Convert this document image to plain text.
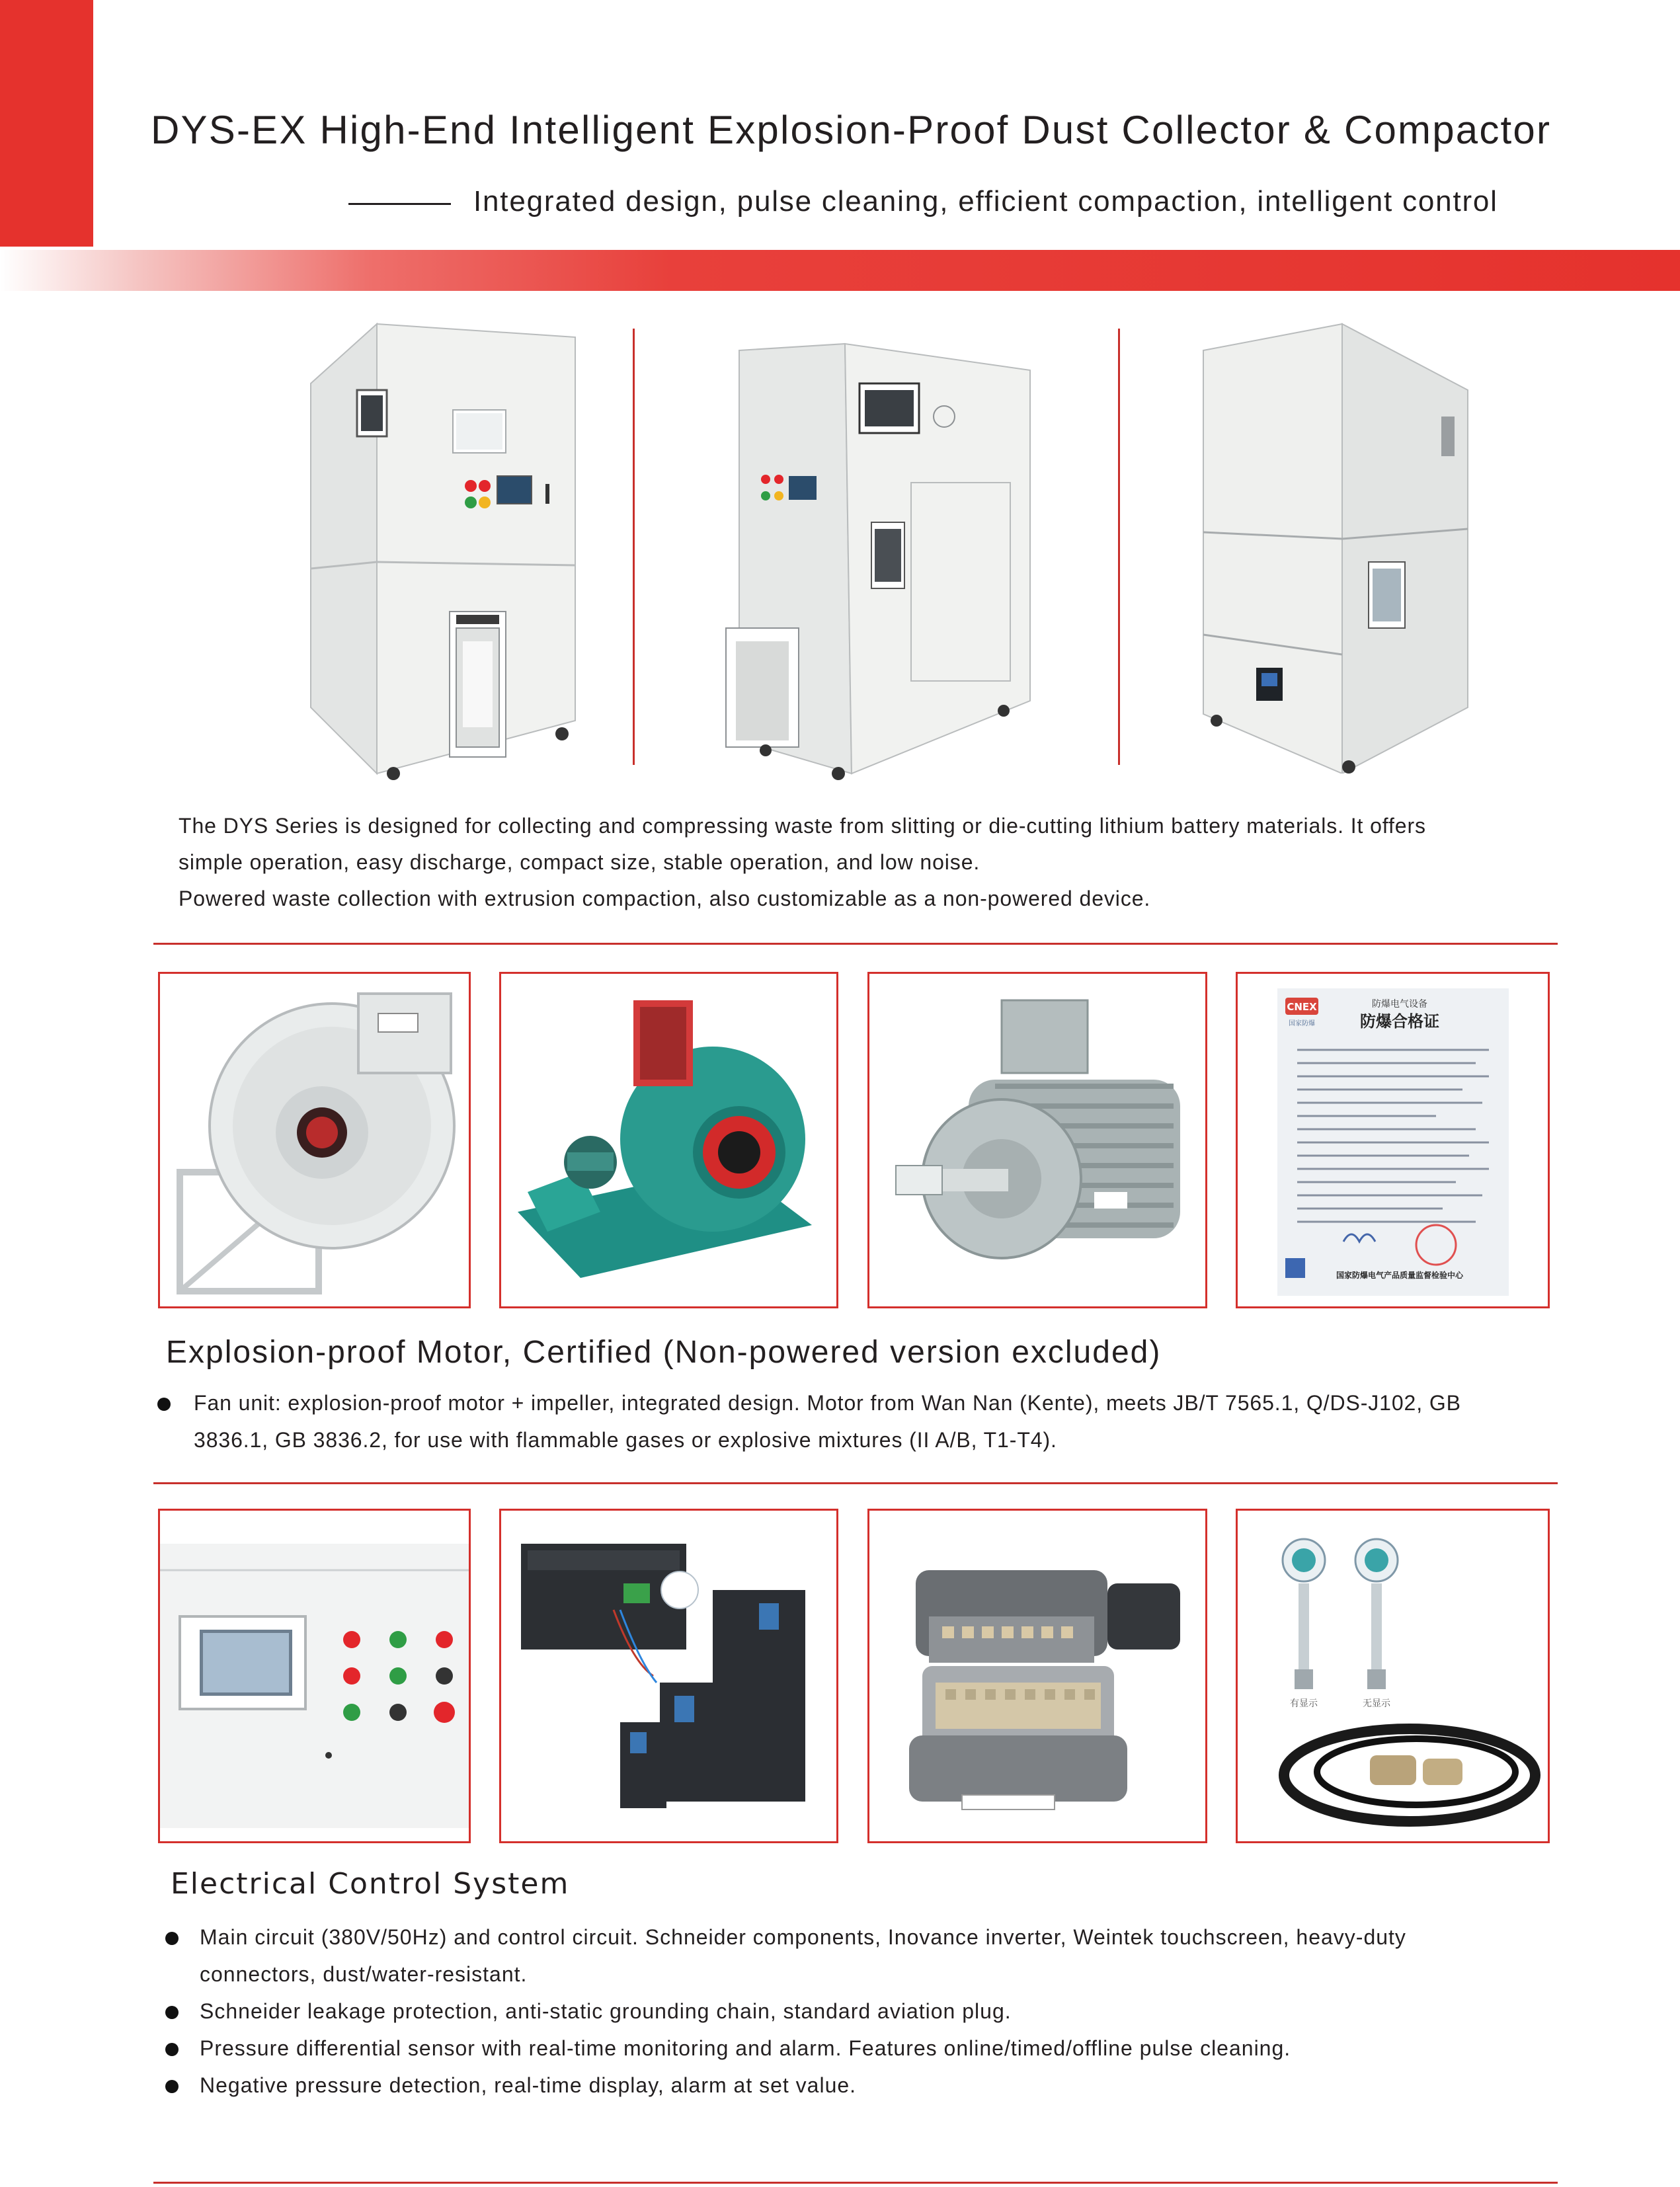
DYS-EX High-End Intelligent Explosion-Proof Dust Collector & Compactor
Integrated design, pulse cleaning, efficient compaction, intelligent control

The DYS Series is designed for collecting and compressing waste from slitting or die-cutting lithium battery materials. It offers

simple operation, easy discharge, compact size, stable operation, and low noise.

Powered waste collection with extrusion compaction, also customizable as a non-powered device.

CNEX
国家防爆
防爆电气设备
防爆合格证
国家防爆电气产品质量监督检验中心
Explosion-proof Motor, Certified (Non-powered version excluded)
Fan unit: explosion-proof motor + impeller, integrated design. Motor from Wan Nan (Kente), meets JB/T 7565.1, Q/DS-J102, GB
3836.1, GB 3836.2, for use with flammable gases or explosive mixtures (II A/B, T1-T4).
有显示	无显示
Electrical Control System
Main circuit (380V/50Hz) and control circuit. Schneider components, Inovance inverter, Weintek touchscreen, heavy-duty
connectors, dust/water-resistant.
Schneider leakage protection, anti-static grounding chain, standard aviation plug.
Pressure differential sensor with real-time monitoring and alarm. Features online/timed/offline pulse cleaning.
Negative pressure detection, real-time display, alarm at set value.
